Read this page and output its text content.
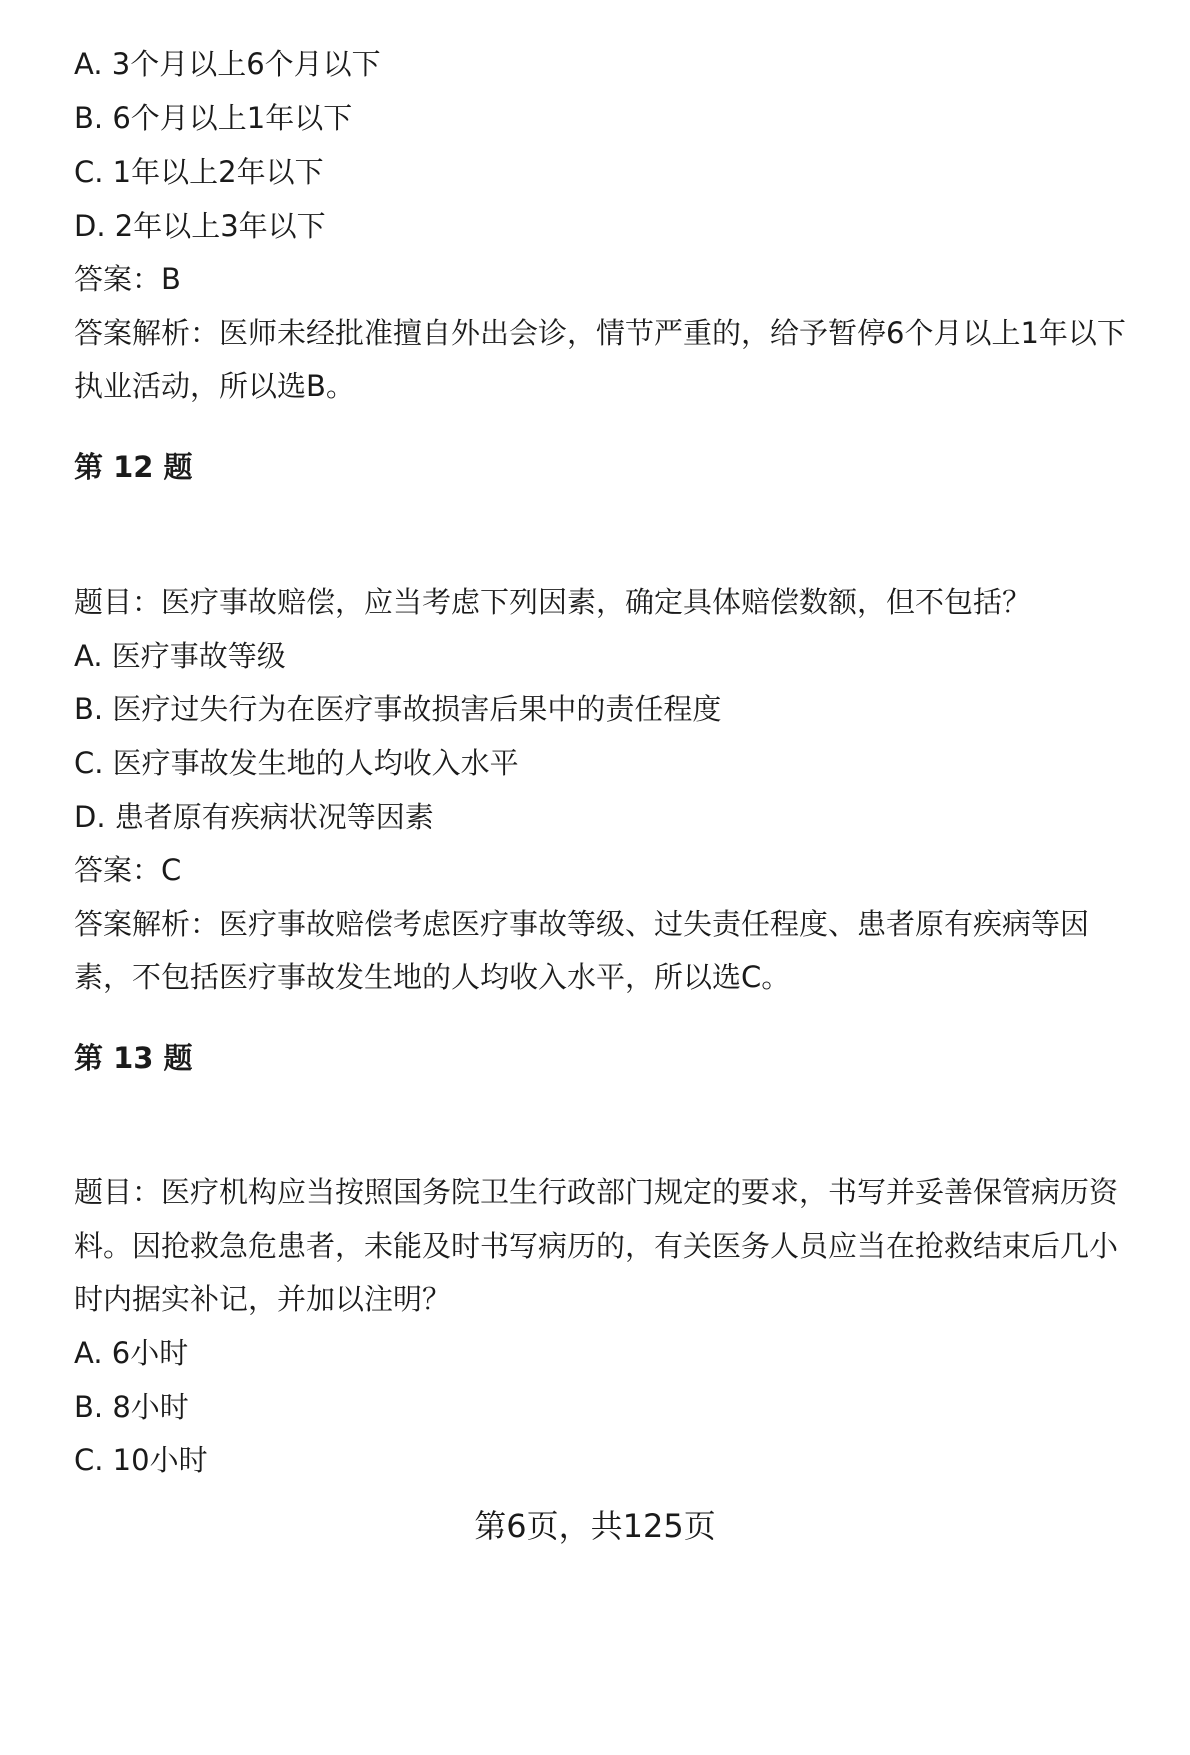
A. 3个月以上6个月以下
B. 6个月以上1年以下
C. 1年以上2年以下
D. 2年以上3年以下
答案：B
答案解析：医师未经批准擅自外出会诊，情节严重的，给予暂停6个月以上1年以下
执业活动，所以选B。
第 12 题
题目：医疗事故赔偿，应当考虑下列因素，确定具体赔偿数额，但不包括？
A. 医疗事故等级
B. 医疗过失行为在医疗事故损害后果中的责任程度
C. 医疗事故发生地的人均收入水平
D. 患者原有疾病状况等因素
答案：C
答案解析：医疗事故赔偿考虑医疗事故等级、过失责任程度、患者原有疾病等因
素，不包括医疗事故发生地的人均收入水平，所以选C。
第 13 题
题目：医疗机构应当按照国务院卫生行政部门规定的要求，书写并妥善保管病历资
料。因抢救急危患者，未能及时书写病历的，有关医务人员应当在抢救结束后几小
时内据实补记，并加以注明？
A. 6小时
B. 8小时
C. 10小时
第6页，共125页
